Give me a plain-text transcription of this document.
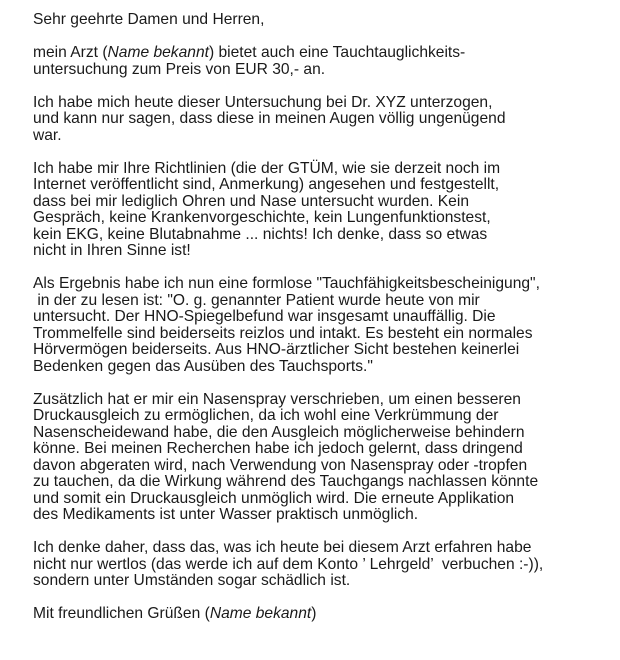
Sehr geehrte Damen und Herren,

mein Arzt (Name bekannt) bietet auch eine Tauchtauglichkeits-
untersuchung zum Preis von EUR 30,- an.

Ich habe mich heute dieser Untersuchung bei Dr. XYZ unterzogen,
und kann nur sagen, dass diese in meinen Augen völlig ungenügend
war.

Ich habe mir Ihre Richtlinien (die der GTÜM, wie sie derzeit noch im
Internet veröffentlicht sind, Anmerkung) angesehen und festgestellt,
dass bei mir lediglich Ohren und Nase untersucht wurden. Kein
Gespräch, keine Krankenvorgeschichte, kein Lungenfunktionstest,
kein EKG, keine Blutabnahme ... nichts! Ich denke, dass so etwas
nicht in Ihren Sinne ist!

Als Ergebnis habe ich nun eine formlose "Tauchfähigkeitsbescheinigung",
in der zu lesen ist: "O. g. genannter Patient wurde heute von mir
untersucht. Der HNO-Spiegelbefund war insgesamt unauffällig. Die
Trommelfelle sind beiderseits reizlos und intakt. Es besteht ein normales
Hörvermögen beiderseits. Aus HNO-ärztlicher Sicht bestehen keinerlei
Bedenken gegen das Ausüben des Tauchsports."

Zusätzlich hat er mir ein Nasenspray verschrieben, um einen besseren
Druckausgleich zu ermöglichen, da ich wohl eine Verkrümmung der
Nasenscheidewand habe, die den Ausgleich möglicherweise behindern
könne. Bei meinen Recherchen habe ich jedoch gelernt, dass dringend
davon abgeraten wird, nach Verwendung von Nasenspray oder -tropfen
zu tauchen, da die Wirkung während des Tauchgangs nachlassen könnte
und somit ein Druckausgleich unmöglich wird. Die erneute Applikation
des Medikaments ist unter Wasser praktisch unmöglich.

Ich denke daher, dass das, was ich heute bei diesem Arzt erfahren habe
nicht nur wertlos (das werde ich auf dem Konto ’ Lehrgeld’  verbuchen :-)),
sondern unter Umständen sogar schädlich ist.

Mit freundlichen Grüßen (Name bekannt)
